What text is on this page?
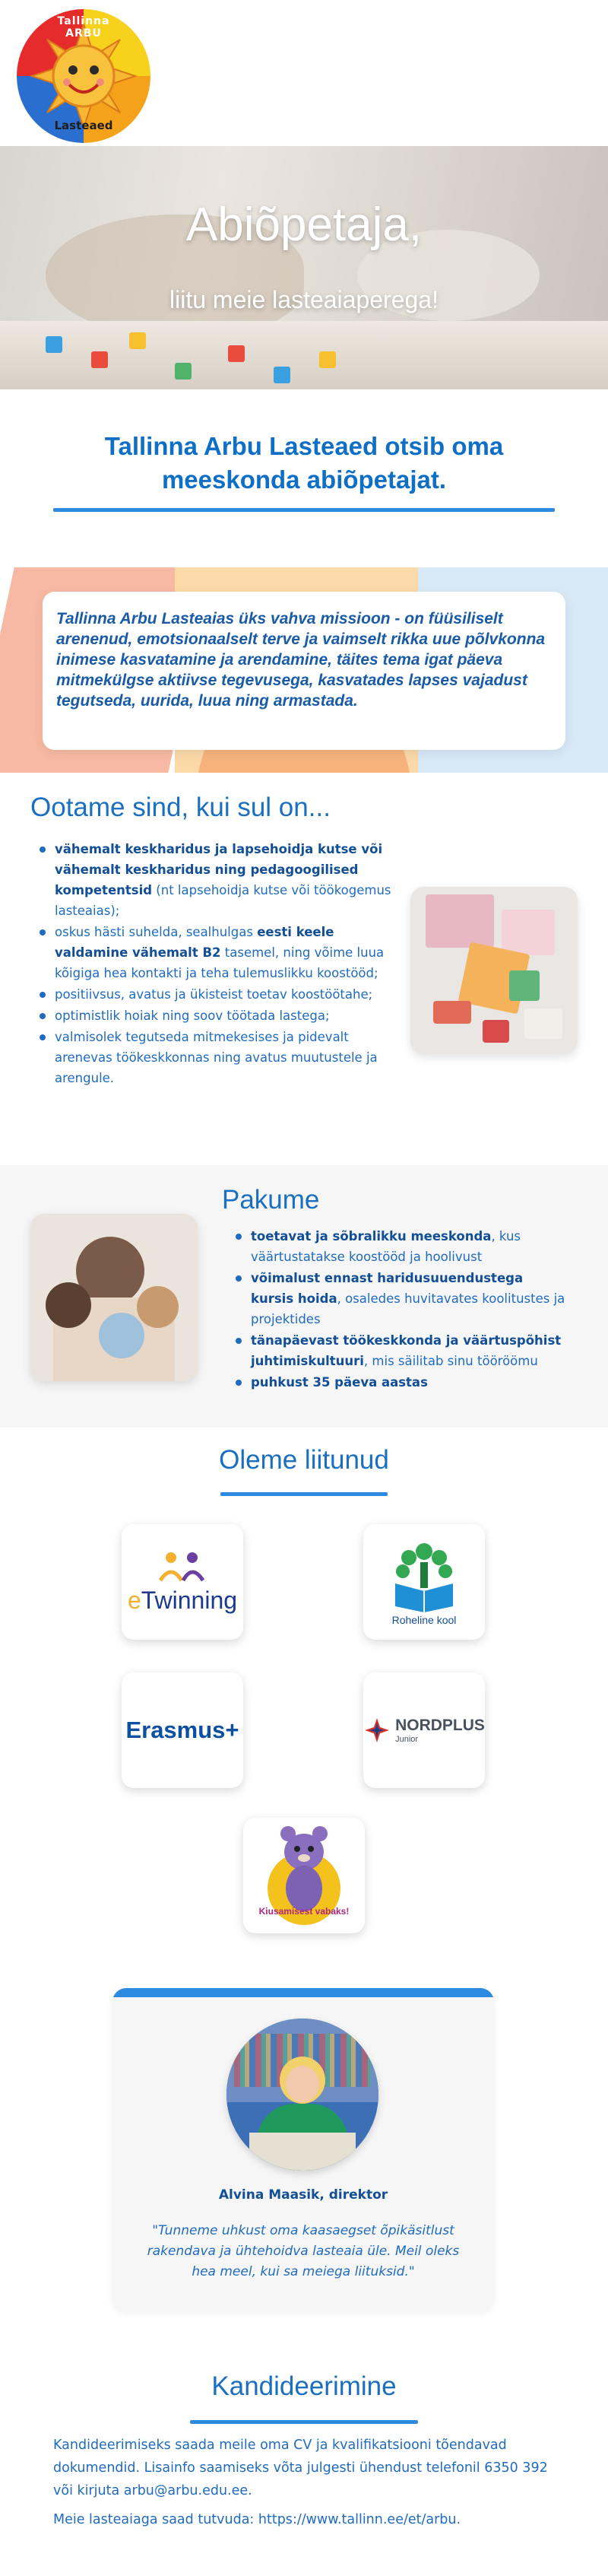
Tallinna ARBU
Lasteaed
Abiõpetaja,
liitu meie lasteaiaperega!
Tallinna Arbu Lasteaed otsib oma meeskonda abiõpetajat.

Tallinna Arbu Lasteaias üks vahva missioon - on füüsiliselt arenenud, emotsionaalselt terve ja vaimselt rikka uue põlvkonna inimese kasvatamine ja arendamine, täites tema igat päeva mitmekülgse aktiivse tegevusega, kasvatades lapses vajadust tegutseda, uurida, luua ning armastada.

Ootame sind, kui sul on...
vähemalt keskharidus ja lapsehoidja kutse või vähemalt keskharidus ning pedagoogilised kompetentsid (nt lapsehoidja kutse või töökogemus lasteaias);
oskus hästi suhelda, sealhulgas eesti keele valdamine vähemalt B2 tasemel, ning võime luua kõigiga hea kontakti ja teha tulemuslikku koostööd;
positiivsus, avatus ja ükisteist toetav koostöötahe;
optimistlik hoiak ning soov töötada lastega;
valmisolek tegutseda mitmekesises ja pidevalt arenevas töökeskkonnas ning avatus muutustele ja arengule.
Pakume
toetavat ja sõbralikku meeskonda, kus väärtustatakse koostööd ja hoolivust
võimalust ennast haridusuuendustega kursis hoida, osaledes huvitavates koolitustes ja projektides
tänapäevast töökeskkonda ja väärtuspõhist juhtimiskultuuri, mis säilitab sinu tööröömu
puhkust 35 päeva aastas
Oleme liitunud
eTwinning
Roheline kool
Erasmus+	NORDPLUS
Junior
Kiusamisest vabaks!
Alvina Maasik, direktor
"Tunneme uhkust oma kaasaegset õpikäsitlust rakendava ja ühtehoidva lasteaia üle. Meil oleks hea meel, kui sa meiega liituksid."
Kandideerimine
Kandideerimiseks saada meile oma CV ja kvalifikatsiooni tõendavad dokumendid. Lisainfo saamiseks võta julgesti ühendust telefonil 6350 392 või kirjuta arbu@arbu.edu.ee.
Meie lasteaiaga saad tutvuda: https://www.tallinn.ee/et/arbu.
